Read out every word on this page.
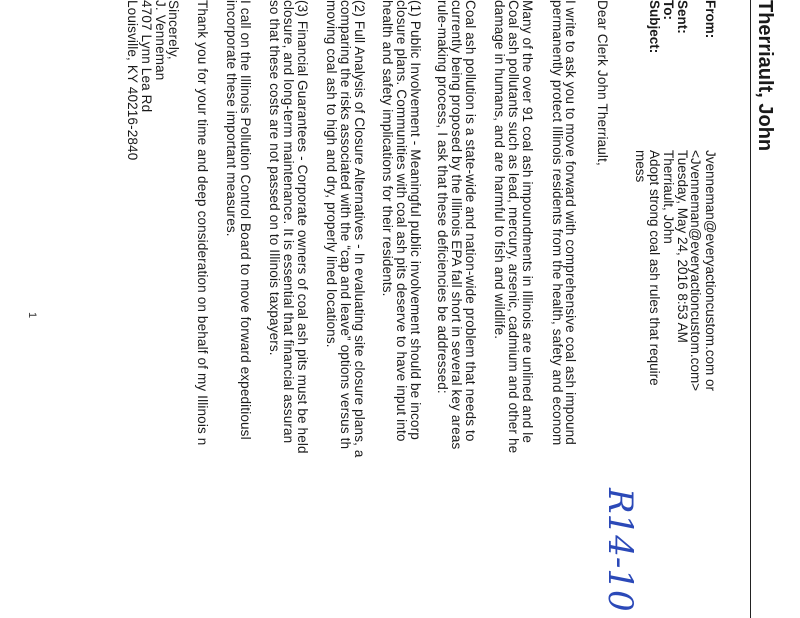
Therriault, John
From:
Jvenneman@everyactioncustom.com or
<Jvenneman@everyactioncustom.com>
Sent:
Tuesday, May 24, 2016 8:53 AM
To:
Therriault, John
Subject:
Adopt strong coal ash rules that require
mess
R14-10
Dear Clerk John Therriault,
I write to ask you to move forward with comprehensive coal ash impound
permanently protect Illinois residents from the health, safety and econom
Many of the over 91 coal ash impoundments in Illinois are unlined and le
Coal ash pollutants such as lead, mercury, arsenic, cadmium and other he
damage in humans, and are harmful to fish and wildlife.
Coal ash pollution is a state-wide and nation-wide problem that needs to
currently being proposed by the Illinois EPA fall short in several key areas
rule-making process, I ask that these deficiencies be addressed:
(1) Public Involvement - Meaningful public involvement should be incorp
closure plans. Communities with coal ash pits deserve to have input into
health and safety implications for their residents.
(2) Full Analysis of Closure Alternatives - In evaluating site closure plans, a
comparing the risks associated with the “cap and leave” options versus th
moving coal ash to high and dry, properly lined locations.
(3) Financial Guarantees - Corporate owners of coal ash pits must be held
closure, and long-term maintenance. It is essential that financial assuran
so that these costs are not passed on to Illinois taxpayers.
I call on the Illinois Pollution Control Board to move forward expeditiousl
incorporate these important measures.
Thank you for your time and deep consideration on behalf of my Illinois n
Sincerely,
J. Venneman
4707 Lynn Lea Rd
Louisville, KY 40216-2840
1
